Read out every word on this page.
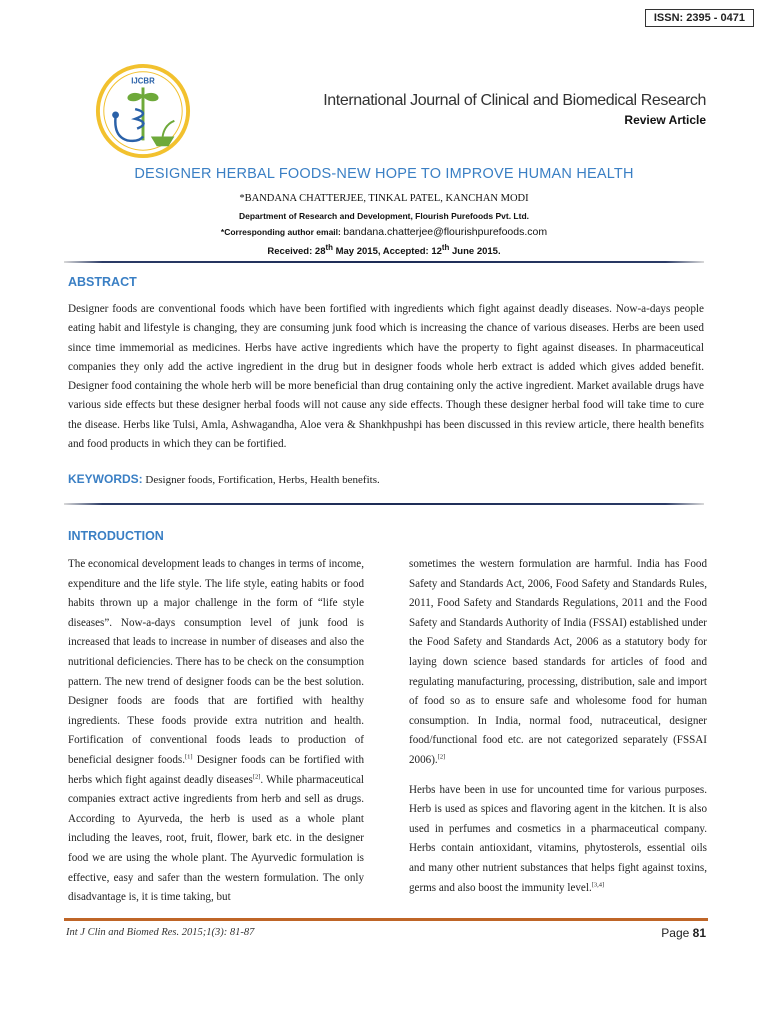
ISSN: 2395 - 0471
IJCBR
International Journal of Clinical and Biomedical Research
Review Article
DESIGNER HERBAL FOODS-NEW HOPE TO IMPROVE HUMAN HEALTH
*BANDANA CHATTERJEE, TINKAL PATEL, KANCHAN MODI
Department of Research and Development, Flourish Purefoods Pvt. Ltd.
*Corresponding author email: bandana.chatterjee@flourishpurefoods.com
Received: 28th May 2015, Accepted: 12th June 2015.
ABSTRACT
Designer foods are conventional foods which have been fortified with ingredients which fight against deadly diseases. Now-a-days people eating habit and lifestyle is changing, they are consuming junk food which is increasing the chance of various diseases. Herbs are been used since time immemorial as medicines. Herbs have active ingredients which have the property to fight against diseases. In pharmaceutical companies they only add the active ingredient in the drug but in designer foods whole herb extract is added which gives added benefit. Designer food containing the whole herb will be more beneficial than drug containing only the active ingredient. Market available drugs have various side effects but these designer herbal foods will not cause any side effects. Though these designer herbal food will take time to cure the disease. Herbs like Tulsi, Amla, Ashwagandha, Aloe vera & Shankhpushpi has been discussed in this review article, there health benefits and food products in which they can be fortified.
KEYWORDS: Designer foods, Fortification, Herbs, Health benefits.
INTRODUCTION

The economical development leads to changes in terms of income, expenditure and the life style. The life style, eating habits or food habits thrown up a major challenge in the form of “life style diseases”. Now-a-days consumption level of junk food is increased that leads to increase in number of diseases and also the nutritional deficiencies. There has to be check on the consumption pattern. The new trend of designer foods can be the best solution. Designer foods are foods that are fortified with healthy ingredients. These foods provide extra nutrition and health. Fortification of conventional foods leads to production of beneficial designer foods.[1] Designer foods can be fortified with herbs which fight against deadly diseases[2]. While pharmaceutical companies extract active ingredients from herb and sell as drugs. According to Ayurveda, the herb is used as a whole plant including the leaves, root, fruit, flower, bark etc. in the designer food we are using the whole plant. The Ayurvedic formulation is effective, easy and safer than the western formulation. The only disadvantage is, it is time taking, but

sometimes the western formulation are harmful. India has Food Safety and Standards Act, 2006, Food Safety and Standards Rules, 2011, Food Safety and Standards Regulations, 2011 and the Food Safety and Standards Authority of India (FSSAI) established under the Food Safety and Standards Act, 2006 as a statutory body for laying down science based standards for articles of food and regulating manufacturing, processing, distribution, sale and import of food so as to ensure safe and wholesome food for human consumption. In India, normal food, nutraceutical, designer food/functional food etc. are not categorized separately (FSSAI 2006).[2]

Herbs have been in use for uncounted time for various purposes. Herb is used as spices and flavoring agent in the kitchen. It is also used in perfumes and cosmetics in a pharmaceutical company. Herbs contain antioxidant, vitamins, phytosterols, essential oils and many other nutrient substances that helps fight against toxins, germs and also boost the immunity level.[3,4]

Int J Clin and Biomed Res. 2015;1(3): 81-87	Page 81
